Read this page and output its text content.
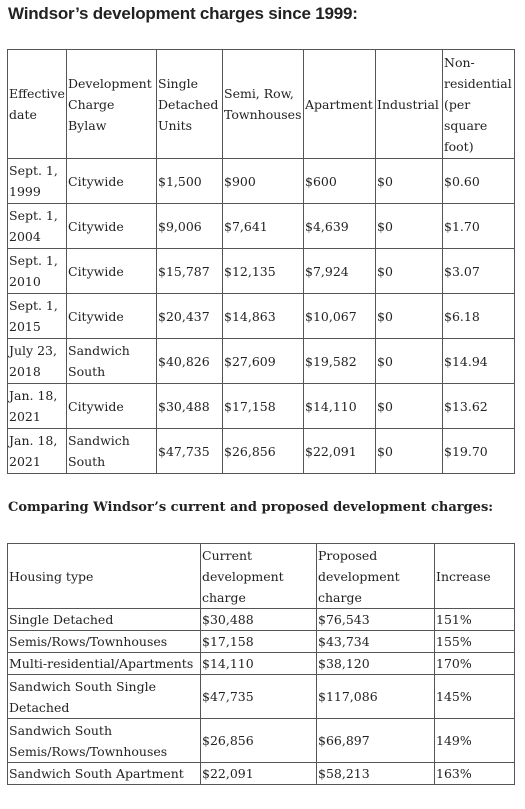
Windsor’s development charges since 1999:
Effective date	Development Charge Bylaw	Single Detached Units	Semi, Row, Townhouses	Apartment	Industrial	Non-residential (per square foot)
Sept. 1, 1999	Citywide	$1,500	$900	$600	$0	$0.60
Sept. 1, 2004	Citywide	$9,006	$7,641	$4,639	$0	$1.70
Sept. 1, 2010	Citywide	$15,787	$12,135	$7,924	$0	$3.07
Sept. 1, 2015	Citywide	$20,437	$14,863	$10,067	$0	$6.18
July 23, 2018	Sandwich South	$40,826	$27,609	$19,582	$0	$14.94
Jan. 18, 2021	Citywide	$30,488	$17,158	$14,110	$0	$13.62
Jan. 18, 2021	Sandwich South	$47,735	$26,856	$22,091	$0	$19.70
Comparing Windsor’s current and proposed development charges:
Housing type	Current development charge	Proposed development charge	Increase
Single Detached	$30,488	$76,543	151%
Semis/Rows/Townhouses	$17,158	$43,734	155%
Multi-residential/Apartments	$14,110	$38,120	170%
Sandwich South Single Detached	$47,735	$117,086	145%
Sandwich South Semis/Rows/Townhouses	$26,856	$66,897	149%
Sandwich South Apartment	$22,091	$58,213	163%
